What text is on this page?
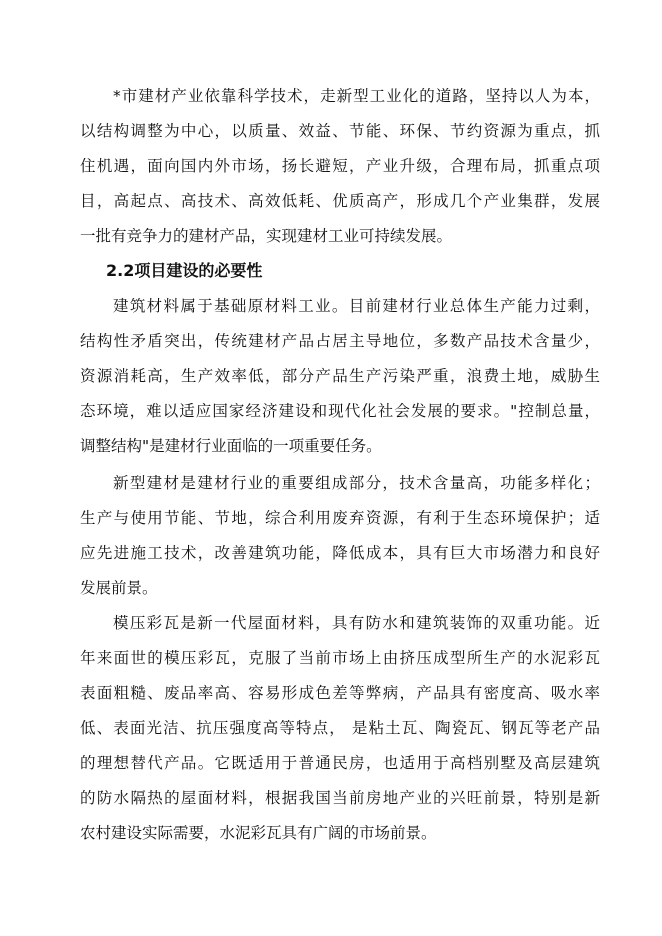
*市建材产业依靠科学技术，走新型工业化的道路，坚持以人为本，
以结构调整为中心，以质量、效益、节能、环保、节约资源为重点，抓
住机遇，面向国内外市场，扬长避短，产业升级，合理布局，抓重点项
目，高起点、高技术、高效低耗、优质高产，形成几个产业集群，发展
一批有竞争力的建材产品，实现建材工业可持续发展。
2.2项目建设的必要性
建筑材料属于基础原材料工业。目前建材行业总体生产能力过剩，
结构性矛盾突出，传统建材产品占居主导地位，多数产品技术含量少，
资源消耗高，生产效率低，部分产品生产污染严重，浪费土地，威胁生
态环境，难以适应国家经济建设和现代化社会发展的要求。"控制总量，
调整结构"是建材行业面临的一项重要任务。
新型建材是建材行业的重要组成部分，技术含量高，功能多样化；
生产与使用节能、节地，综合利用废弃资源，有利于生态环境保护；适
应先进施工技术，改善建筑功能，降低成本，具有巨大市场潜力和良好
发展前景。
模压彩瓦是新一代屋面材料，具有防水和建筑装饰的双重功能。近
年来面世的模压彩瓦，克服了当前市场上由挤压成型所生产的水泥彩瓦
表面粗糙、废品率高、容易形成色差等弊病，产品具有密度高、吸水率
低、表面光洁、抗压强度高等特点， 是粘土瓦、陶瓷瓦、钢瓦等老产品
的理想替代产品。它既适用于普通民房，也适用于高档别墅及高层建筑
的防水隔热的屋面材料，根据我国当前房地产业的兴旺前景，特别是新
农村建设实际需要，水泥彩瓦具有广阔的市场前景。
